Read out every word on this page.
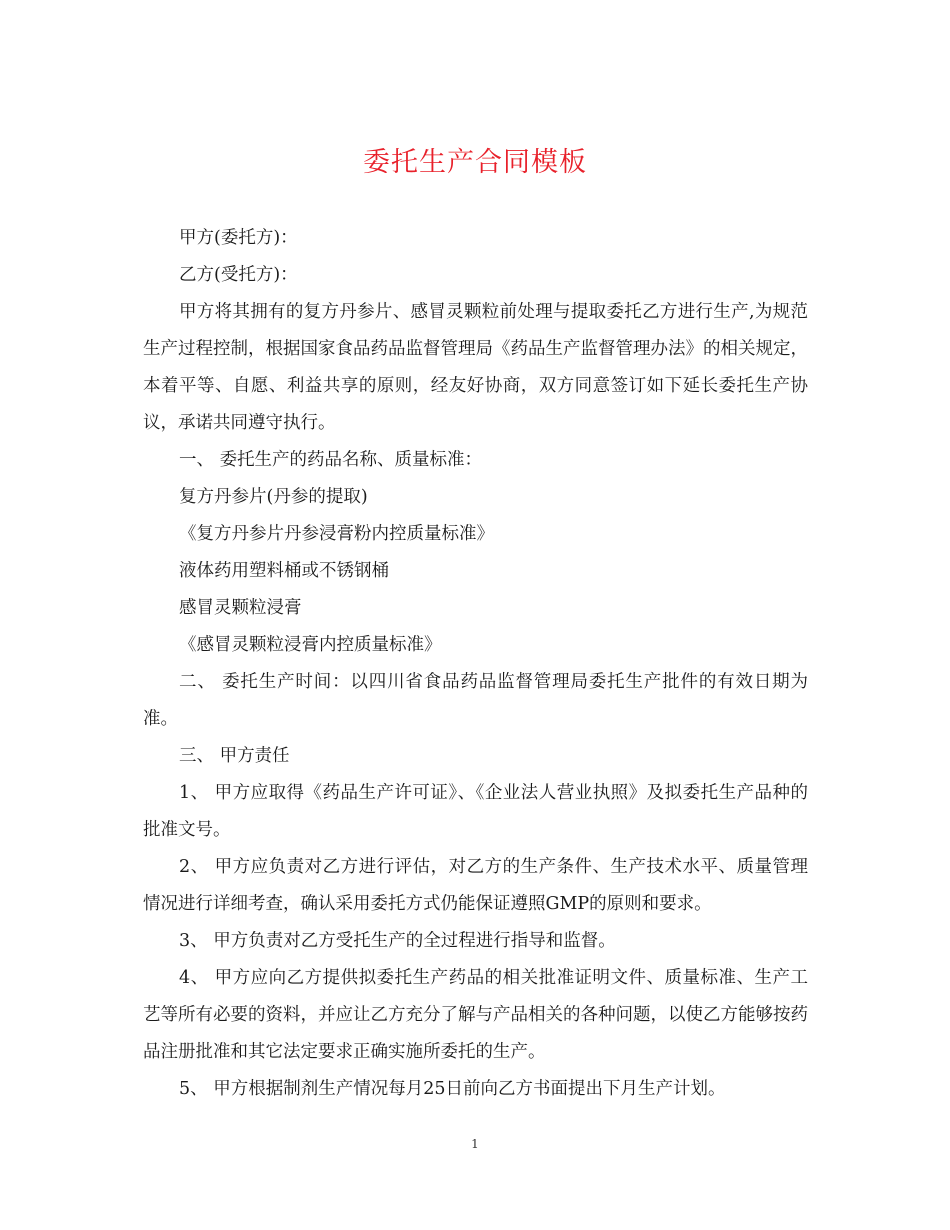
委托生产合同模板

甲方(委托方)：

乙方(受托方)：

甲方将其拥有的复方丹参片、感冒灵颗粒前处理与提取委托乙方进行生产,为规范生产过程控制，根据国家食品药品监督管理局《药品生产监督管理办法》的相关规定，本着平等、自愿、利益共享的原则，经友好协商，双方同意签订如下延长委托生产协议，承诺共同遵守执行。

一、 委托生产的药品名称、质量标准：

复方丹参片(丹参的提取)

《复方丹参片丹参浸膏粉内控质量标准》

液体药用塑料桶或不锈钢桶

感冒灵颗粒浸膏

《感冒灵颗粒浸膏内控质量标准》

二、 委托生产时间：以四川省食品药品监督管理局委托生产批件的有效日期为准。

三、 甲方责任

1、 甲方应取得《药品生产许可证》、《企业法人营业执照》及拟委托生产品种的批准文号。

2、 甲方应负责对乙方进行评估，对乙方的生产条件、生产技术水平、质量管理情况进行详细考查，确认采用委托方式仍能保证遵照GMP的原则和要求。

3、 甲方负责对乙方受托生产的全过程进行指导和监督。

4、 甲方应向乙方提供拟委托生产药品的相关批准证明文件、质量标准、生产工艺等所有必要的资料，并应让乙方充分了解与产品相关的各种问题，以使乙方能够按药品注册批准和其它法定要求正确实施所委托的生产。

5、 甲方根据制剂生产情况每月25日前向乙方书面提出下月生产计划。

1
